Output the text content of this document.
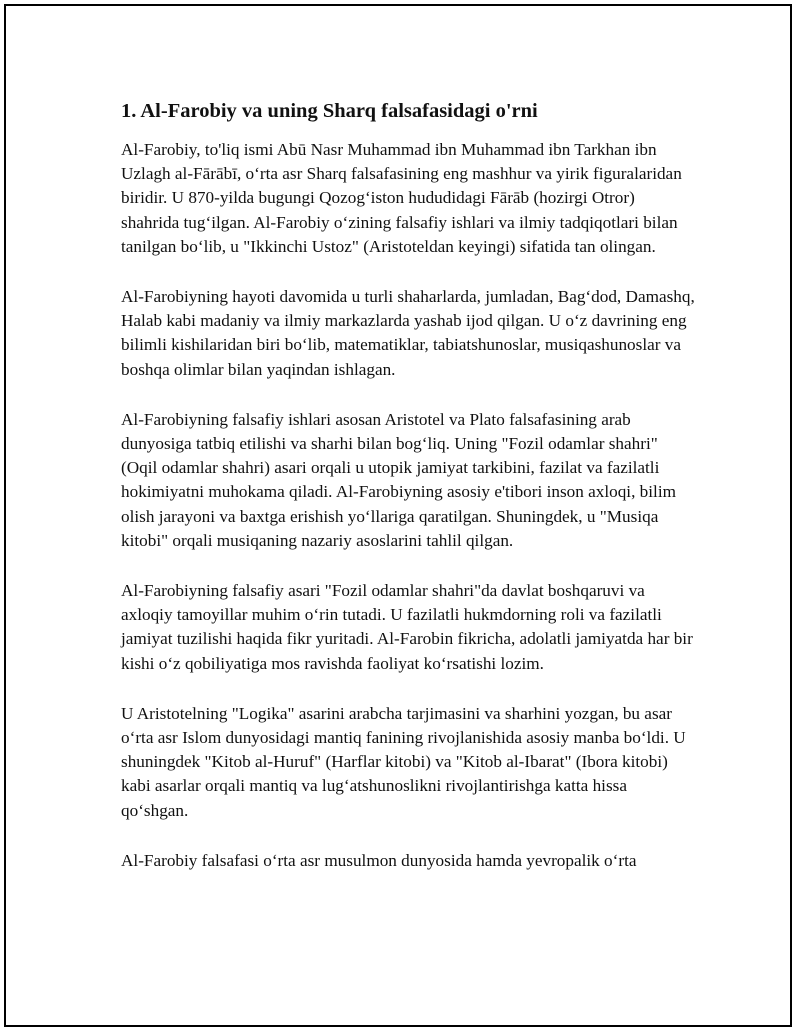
1. Al-Farobiy va uning Sharq falsafasidagi o'rni

Al-Farobiy, to'liq ismi Abū Nasr Muhammad ibn Muhammad ibn Tarkhan ibn Uzlagh al-Fārābī, oʻrta asr Sharq falsafasining eng mashhur va yirik figuralaridan biridir. U 870-yilda bugungi Qozogʻiston hududidagi Fārāb (hozirgi Otror) shahrida tugʻilgan. Al-Farobiy oʻzining falsafiy ishlari va ilmiy tadqiqotlari bilan tanilgan boʻlib, u "Ikkinchi Ustoz" (Aristoteldan keyingi) sifatida tan olingan.

Al-Farobiyning hayoti davomida u turli shaharlarda, jumladan, Bagʻdod, Damashq, Halab kabi madaniy va ilmiy markazlarda yashab ijod qilgan. U oʻz davrining eng bilimli kishilaridan biri boʻlib, matematiklar, tabiatshunoslar, musiqashunoslar va boshqa olimlar bilan yaqindan ishlagan.

Al-Farobiyning falsafiy ishlari asosan Aristotel va Plato falsafasining arab dunyosiga tatbiq etilishi va sharhi bilan bogʻliq. Uning "Fozil odamlar shahri" (Oqil odamlar shahri) asari orqali u utopik jamiyat tarkibini, fazilat va fazilatli hokimiyatni muhokama qiladi. Al-Farobiyning asosiy e'tibori inson axloqi, bilim olish jarayoni va baxtga erishish yoʻllariga qaratilgan. Shuningdek, u "Musiqa kitobi" orqali musiqaning nazariy asoslarini tahlil qilgan.

Al-Farobiyning falsafiy asari "Fozil odamlar shahri"da davlat boshqaruvi va axloqiy tamoyillar muhim oʻrin tutadi. U fazilatli hukmdorning roli va fazilatli jamiyat tuzilishi haqida fikr yuritadi. Al-Farobin fikricha, adolatli jamiyatda har bir kishi oʻz qobiliyatiga mos ravishda faoliyat koʻrsatishi lozim.

U Aristotelning "Logika" asarini arabcha tarjimasini va sharhini yozgan, bu asar oʻrta asr Islom dunyosidagi mantiq fanining rivojlanishida asosiy manba boʻldi. U shuningdek "Kitob al-Huruf" (Harflar kitobi) va "Kitob al-Ibarat" (Ibora kitobi) kabi asarlar orqali mantiq va lugʻatshunoslikni rivojlantirishga katta hissa qoʻshgan.

Al-Farobiy falsafasi oʻrta asr musulmon dunyosida hamda yevropalik oʻrta
